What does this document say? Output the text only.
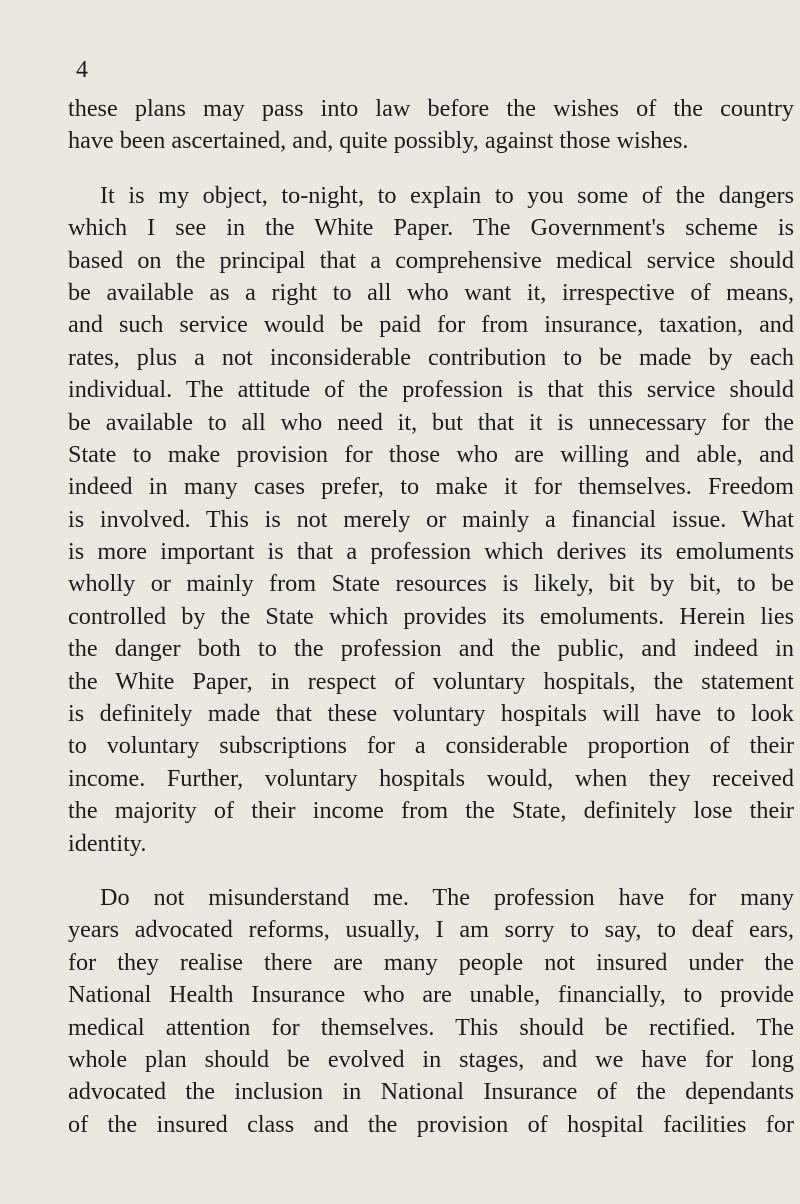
4
these plans may pass into law before the wishes of the country
have been ascertained, and, quite possibly, against those wishes.
It is my object, to-night, to explain to you some of the dangers
which I see in the White Paper. The Government's scheme is
based on the principal that a comprehensive medical service should
be available as a right to all who want it, irrespective of means,
and such service would be paid for from insurance, taxation, and
rates, plus a not inconsiderable contribution to be made by each
individual. The attitude of the profession is that this service should
be available to all who need it, but that it is unnecessary for the
State to make provision for those who are willing and able, and
indeed in many cases prefer, to make it for themselves. Freedom
is involved. This is not merely or mainly a financial issue. What
is more important is that a profession which derives its emoluments
wholly or mainly from State resources is likely, bit by bit, to be
controlled by the State which provides its emoluments. Herein lies
the danger both to the profession and the public, and indeed in
the White Paper, in respect of voluntary hospitals, the statement
is definitely made that these voluntary hospitals will have to look
to voluntary subscriptions for a considerable proportion of their
income. Further, voluntary hospitals would, when they received
the majority of their income from the State, definitely lose their
identity.
Do not misunderstand me. The profession have for many
years advocated reforms, usually, I am sorry to say, to deaf ears,
for they realise there are many people not insured under the
National Health Insurance who are unable, financially, to provide
medical attention for themselves. This should be rectified. The
whole plan should be evolved in stages, and we have for long
advocated the inclusion in National Insurance of the dependants
of the insured class and the provision of hospital facilities for
